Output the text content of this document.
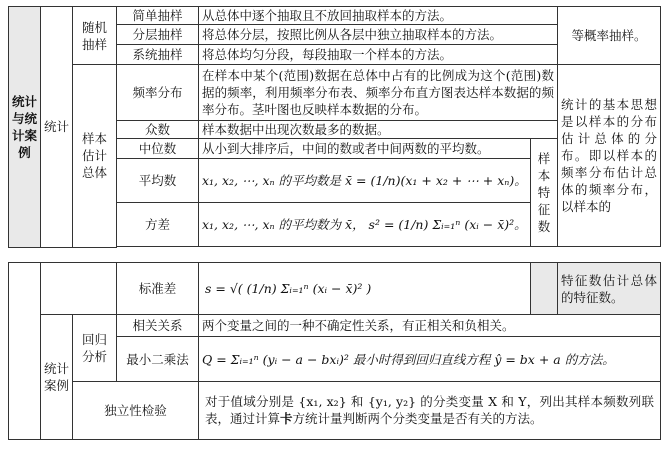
统计与统计案例	统计	随机抽样	简单抽样	从总体中逐个抽取且不放回抽取样本的方法。		等概率抽样。
			分层抽样	将总体分层，按照比例从各层中独立抽取样本的方法。		
			系统抽样	将总体均匀分段，每段抽取一个样本的方法。		
		样本估计总体	频率分布	在样本中某个(范围)数据在总体中占有的比例成为这个(范围)数据的频率，利用频率分布表、频率分布直方图表达样本数据的频率分布。茎叶图也反映样本数据的分布。		统计的基本思想是以样本的分布估计总体的分布。即以样本的频率分布估计总体的频率分布，以样本的
			众数	样本数据中出现次数最多的数据。		
			中位数	从小到大排序后，中间的数或者中间两数的平均数。	样本特征数	
			平均数	x₁, x₂, ⋯, xₙ 的平均数是 x̄ = (1/n)(x₁ + x₂ + ⋯ + xₙ)。		
			方差	x₁, x₂, ⋯, xₙ 的平均数为 x̄， s² = (1/n) Σᵢ₌₁ⁿ (xᵢ − x̄)²。		

			标准差	s = √( (1/n) Σᵢ₌₁ⁿ (xᵢ − x̄)² )		特征数估计总体的特征数。
	统计案例	回归分析	相关关系	两个变量之间的一种不确定性关系，有正相关和负相关。		
			最小二乘法	Q = Σᵢ₌₁ⁿ (yᵢ − a − bxᵢ)² 最小时得到回归直线方程 ŷ = bx + a 的方法。		
		独立性检验		对于值域分别是 {x₁, x₂} 和 {y₁, y₂} 的分类变量 X 和 Y，列出其样本频数列联表，通过计算卡方统计量判断两个分类变量是否有关的方法。		
